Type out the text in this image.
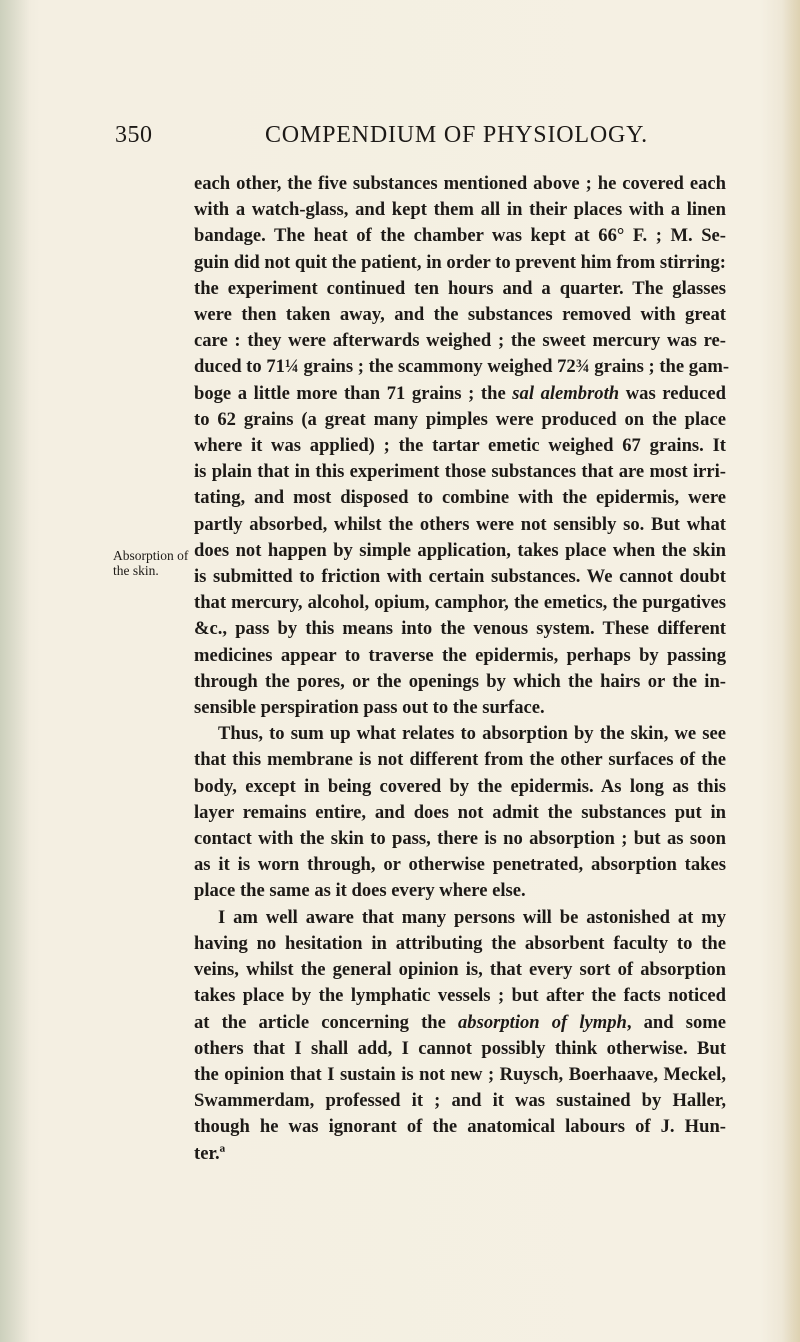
350	COMPENDIUM OF PHYSIOLOGY.
Absorption of
the skin.

each other, the five substances mentioned above ; he covered each
with a watch-glass, and kept them all in their places with a linen
bandage. The heat of the chamber was kept at 66° F. ; M. Se-
guin did not quit the patient, in order to prevent him from stirring:
the experiment continued ten hours and a quarter. The glasses
were then taken away, and the substances removed with great
care : they were afterwards weighed ; the sweet mercury was re-
duced to 71¼ grains ; the scammony weighed 72¾ grains ; the gam-
boge a little more than 71 grains ; the sal alembroth was reduced
to 62 grains (a great many pimples were produced on the place
where it was applied) ; the tartar emetic weighed 67 grains. It
is plain that in this experiment those substances that are most irri-
tating, and most disposed to combine with the epidermis, were
partly absorbed, whilst the others were not sensibly so. But what
does not happen by simple application, takes place when the skin
is submitted to friction with certain substances. We cannot doubt
that mercury, alcohol, opium, camphor, the emetics, the purgatives
&c., pass by this means into the venous system. These different
medicines appear to traverse the epidermis, perhaps by passing
through the pores, or the openings by which the hairs or the in-
sensible perspiration pass out to the surface.

Thus, to sum up what relates to absorption by the skin, we see
that this membrane is not different from the other surfaces of the
body, except in being covered by the epidermis. As long as this
layer remains entire, and does not admit the substances put in
contact with the skin to pass, there is no absorption ; but as soon
as it is worn through, or otherwise penetrated, absorption takes
place the same as it does every where else.

I am well aware that many persons will be astonished at my
having no hesitation in attributing the absorbent faculty to the
veins, whilst the general opinion is, that every sort of absorption
takes place by the lymphatic vessels ; but after the facts noticed
at the article concerning the absorption of lymph, and some
others that I shall add, I cannot possibly think otherwise. But
the opinion that I sustain is not new ; Ruysch, Boerhaave, Meckel,
Swammerdam, professed it ; and it was sustained by Haller,
though he was ignorant of the anatomical labours of J. Hun-
ter.ª
